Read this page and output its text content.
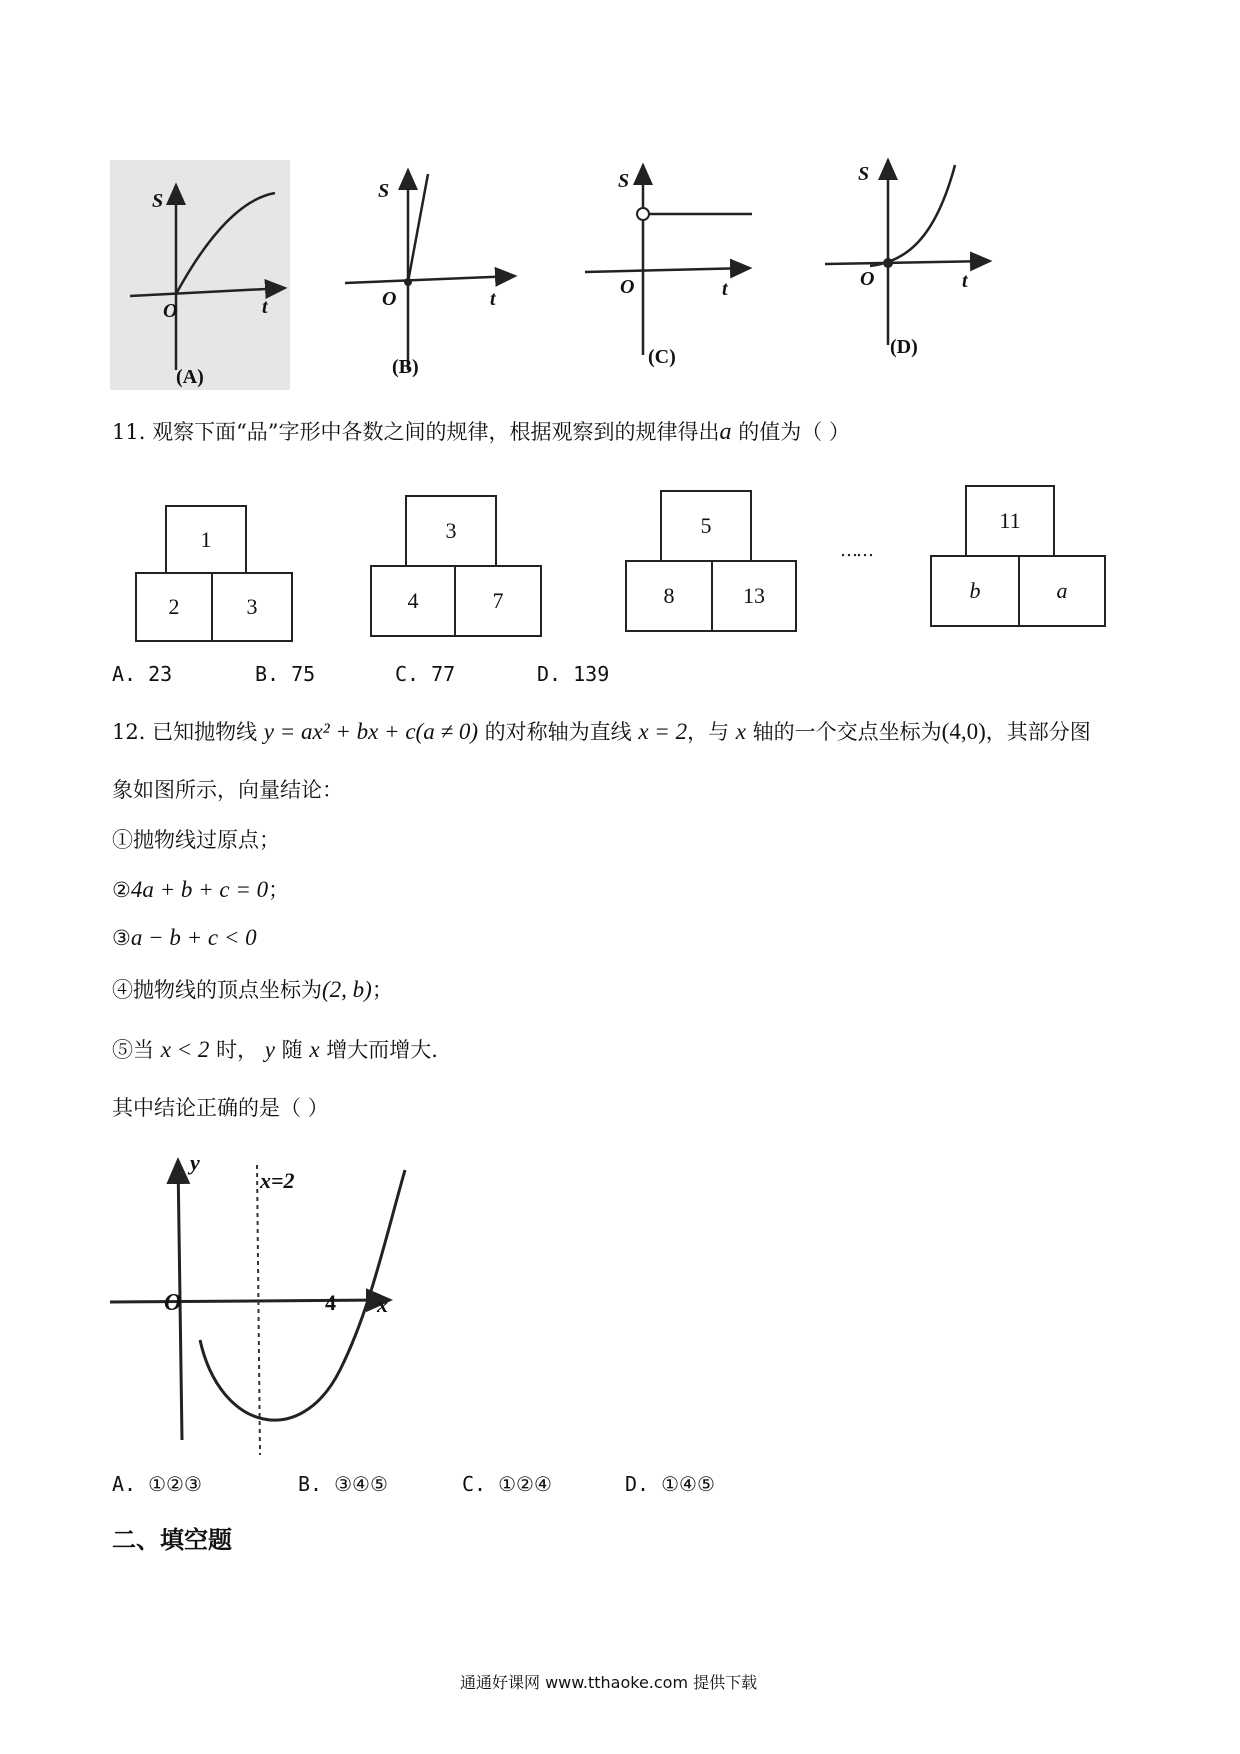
S
O	t
(A)
S
O	t
(B)
S
O	t
(C)
S
O	t
(D)
11. 观察下面“品”字形中各数之间的规律，根据观察到的规律得出a 的值为（ ）
1
2	3
3
4	7
5
8	13
……
11
b	a
A. 23	B. 75	C. 77	D. 139
12. 已知抛物线 y = ax² + bx + c(a ≠ 0) 的对称轴为直线 x = 2，与 x 轴的一个交点坐标为(4,0)，其部分图
象如图所示，向量结论：
①抛物线过原点；
②4a + b + c = 0；
③a − b + c < 0
④抛物线的顶点坐标为(2, b)；
⑤当 x < 2 时， y 随 x 增大而增大.
其中结论正确的是（ ）
y
x=2
O	4 x
A. ①②③	B. ③④⑤	C. ①②④	D. ①④⑤
二、填空题
通通好课网 www.tthaoke.com 提供下载
